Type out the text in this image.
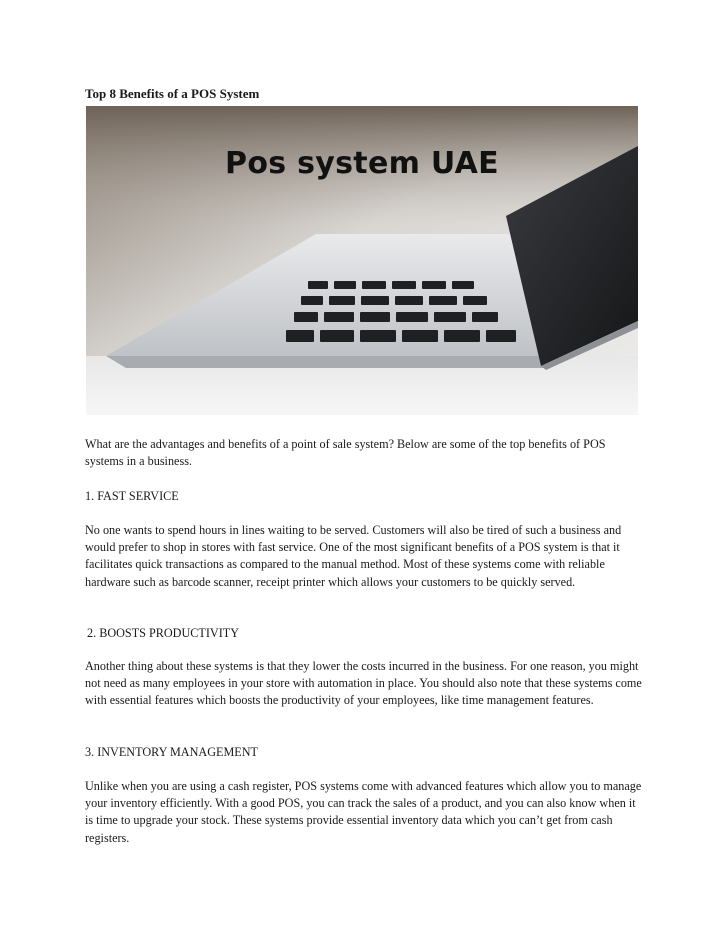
Top 8 Benefits of a POS System
Pos system UAE

What are the advantages and benefits of a point of sale system? Below are some of the top benefits of POS systems in a business.

1. FAST SERVICE

No one wants to spend hours in lines waiting to be served. Customers will also be tired of such a business and would prefer to shop in stores with fast service. One of the most significant benefits of a POS system is that it facilitates quick transactions as compared to the manual method. Most of these systems come with reliable hardware such as barcode scanner, receipt printer which allows your customers to be quickly served.

2. BOOSTS PRODUCTIVITY

Another thing about these systems is that they lower the costs incurred in the business. For one reason, you might not need as many employees in your store with automation in place. You should also note that these systems come with essential features which boosts the productivity of your employees, like time management features.

3. INVENTORY MANAGEMENT

Unlike when you are using a cash register, POS systems come with advanced features which allow you to manage your inventory efficiently. With a good POS, you can track the sales of a product, and you can also know when it is time to upgrade your stock. These systems provide essential inventory data which you can’t get from cash registers.
